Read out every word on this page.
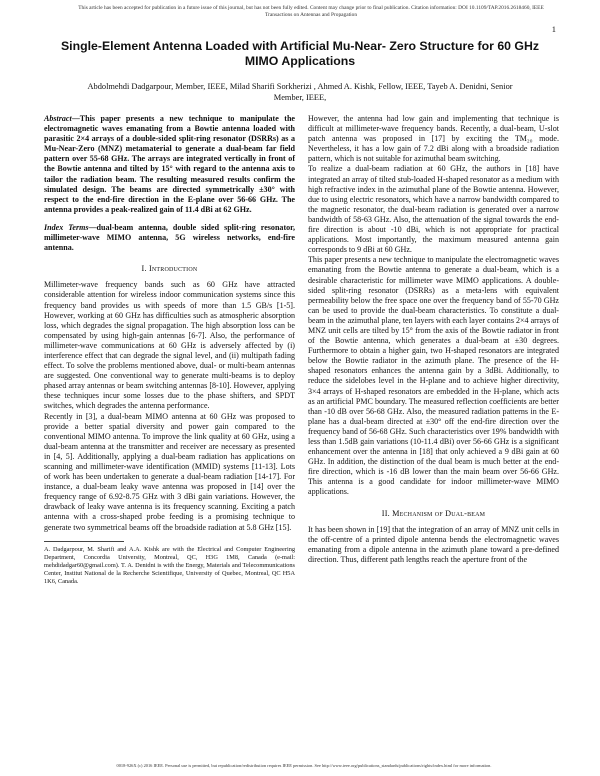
This article has been accepted for publication in a future issue of this journal, but has not been fully edited. Content may change prior to final publication. Citation information: DOI 10.1109/TAP.2016.2618460, IEEE
Transactions on Antennas and Propagation
1
Single-Element Antenna Loaded with Artificial Mu-Near- Zero Structure for 60 GHz MIMO Applications
Abdolmehdi Dadgarpour, Member, IEEE, Milad Sharifi Sorkherizi , Ahmed A. Kishk, Fellow, IEEE, Tayeb A. Denidni, Senior Member, IEEE,

Abstract—This paper presents a new technique to manipulate the electromagnetic waves emanating from a Bowtie antenna loaded with parasitic 2×4 arrays of a double-sided split-ring resonator (DSRRs) as a Mu-Near-Zero (MNZ) metamaterial to generate a dual-beam far field pattern over 55-68 GHz. The arrays are integrated vertically in front of the Bowtie antenna and tilted by 15° with regard to the antenna axis to tailor the radiation beam. The resulting measured results confirm the simulated design. The beams are directed symmetrically ±30° with respect to the end-fire direction in the E-plane over 56-66 GHz. The antenna provides a peak-realized gain of 11.4 dBi at 62 GHz.

Index Terms—dual-beam antenna, double sided split-ring resonator, millimeter-wave MIMO antenna, 5G wireless networks, end-fire antenna.

I. Introduction

Millimeter-wave frequency bands such as 60 GHz have attracted considerable attention for wireless indoor communication systems since this frequency band provides us with speeds of more than 1.5 GB/s [1-5]. However, working at 60 GHz has difficulties such as atmospheric absorption loss, which degrades the signal propagation. The high absorption loss can be compensated by using high-gain antennas [6-7]. Also, the performance of millimeter-wave communications at 60 GHz is adversely affected by (i) interference effect that can degrade the signal level, and (ii) multipath fading effect. To solve the problems mentioned above, dual- or multi-beam antennas are suggested. One conventional way to generate multi-beams is to deploy phased array antennas or beam switching antennas [8-10]. However, applying these techniques incur some losses due to the phase shifters, and SPDT switches, which degrades the antenna performance.

Recently in [3], a dual-beam MIMO antenna at 60 GHz was proposed to provide a better spatial diversity and power gain compared to the conventional MIMO antenna. To improve the link quality at 60 GHz, using a dual-beam antenna at the transmitter and receiver are necessary as presented in [4, 5]. Additionally, applying a dual-beam radiation has applications on scanning and millimeter-wave identification (MMID) systems [11-13]. Lots of work has been undertaken to generate a dual-beam radiation [14-17]. For instance, a dual-beam leaky wave antenna was proposed in [14] over the frequency range of 6.92-8.75 GHz with 3 dBi gain variations. However, the drawback of leaky wave antenna is its frequency scanning. Exciting a patch antenna with a cross-shaped probe feeding is a promising technique to generate two symmetrical beams off the broadside radiation at 5.8 GHz [15].

A. Dadgarpour, M. Sharifi and A.A. Kishk are with the Electrical and Computer Engineering Department, Concordia University, Montreal, QC, H3G 1M8, Canada (e-mail: mehdidadgar60@gmail.com). T. A. Denidni is with the Energy, Materials and Telecommunications Center, Institut National de la Recherche Scientifique, University of Quebec, Montreal, QC H5A 1K6, Canada.

However, the antenna had low gain and implementing that technique is difficult at millimeter-wave frequency bands. Recently, a dual-beam, U-slot patch antenna was proposed in [17] by exciting the TM₂₀ mode. Nevertheless, it has a low gain of 7.2 dBi along with a broadside radiation pattern, which is not suitable for azimuthal beam switching.

To realize a dual-beam radiation at 60 GHz, the authors in [18] have integrated an array of tilted stub-loaded H-shaped resonator as a medium with high refractive index in the azimuthal plane of the Bowtie antenna. However, due to using electric resonators, which have a narrow bandwidth compared to the magnetic resonator, the dual-beam radiation is generated over a narrow bandwidth of 58-63 GHz. Also, the attenuation of the signal towards the end-fire direction is about -10 dBi, which is not appropriate for practical applications. Most importantly, the maximum measured antenna gain corresponds to 9 dBi at 60 GHz.

This paper presents a new technique to manipulate the electromagnetic waves emanating from the Bowtie antenna to generate a dual-beam, which is a desirable characteristic for millimeter wave MIMO applications. A double-sided split-ring resonator (DSRRs) as a meta-lens with equivalent permeability below the free space one over the frequency band of 55-70 GHz can be used to provide the dual-beam characteristics. To constitute a dual-beam in the azimuthal plane, ten layers with each layer contains 2×4 arrays of MNZ unit cells are tilted by 15° from the axis of the Bowtie radiator in front of the Bowtie antenna, which generates a dual-beam at ±30 degrees. Furthermore to obtain a higher gain, two H-shaped resonators are integrated below the Bowtie radiator in the azimuth plane. The presence of the H-shaped resonators enhances the antenna gain by a 3dBi. Additionally, to reduce the sidelobes level in the H-plane and to achieve higher directivity, 3×4 arrays of H-shaped resonators are embedded in the H-plane, which acts as an artificial PMC boundary. The measured reflection coefficients are better than -10 dB over 56-68 GHz. Also, the measured radiation patterns in the E-plane has a dual-beam directed at ±30° off the end-fire direction over the frequency band of 56-68 GHz. Such characteristics over 19% bandwidth with less than 1.5dB gain variations (10-11.4 dBi) over 56-66 GHz is a significant enhancement over the antenna in [18] that only achieved a 9 dBi gain at 60 GHz. In addition, the distinction of the dual beam is much better at the end-fire direction, which is -16 dB lower than the main beam over 56-66 GHz. This antenna is a good candidate for indoor millimeter-wave MIMO applications.

II. Mechanism of Dual-beam

It has been shown in [19] that the integration of an array of MNZ unit cells in the off-centre of a printed dipole antenna bends the electromagnetic waves emanating from a dipole antenna in the azimuth plane toward a pre-defined direction. Thus, different path lengths reach the aperture front of the

0018-926X (c) 2016 IEEE. Personal use is permitted, but republication/redistribution requires IEEE permission. See http://www.ieee.org/publications_standards/publications/rights/index.html for more information.
